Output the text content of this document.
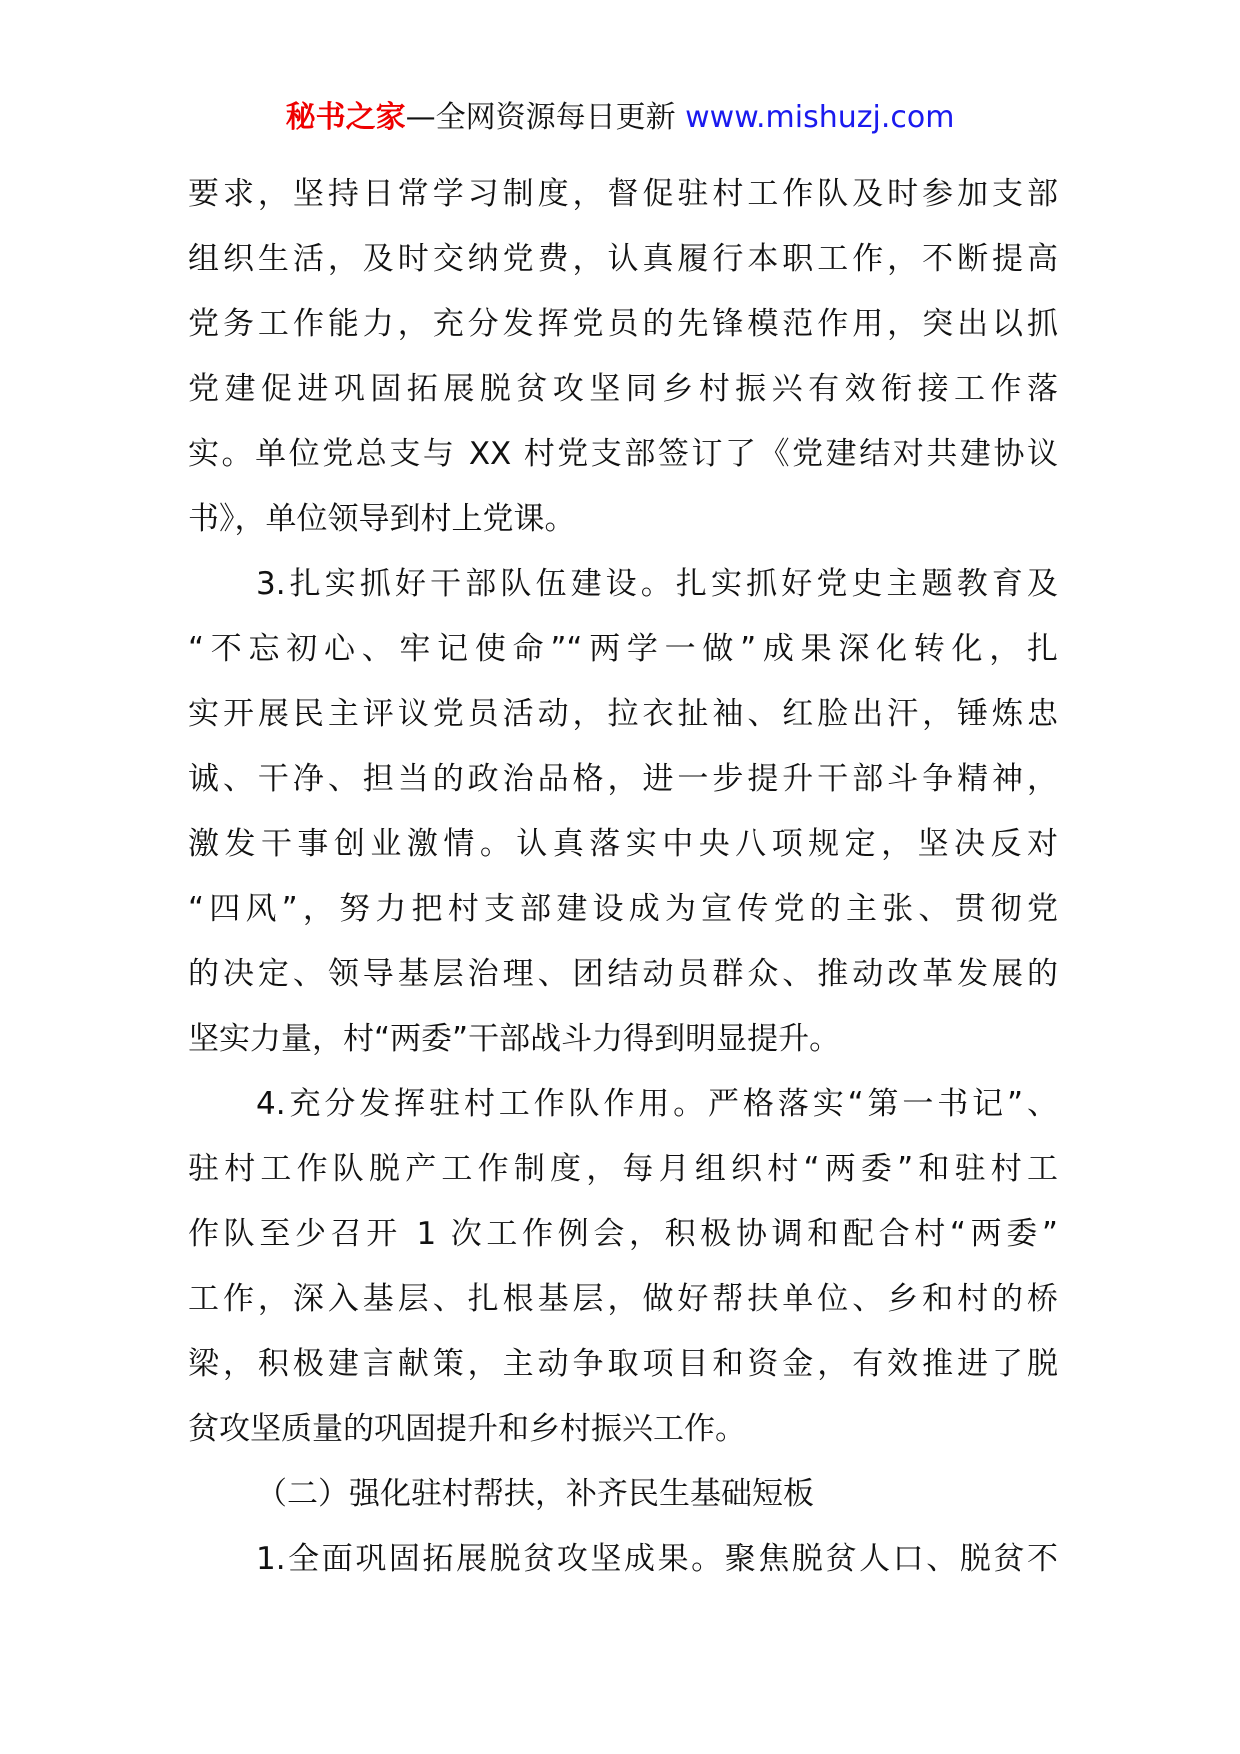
秘书之家—全网资源每日更新 www.mishuzj.com
要求，坚持日常学习制度，督促驻村工作队及时参加支部
组织生活，及时交纳党费，认真履行本职工作，不断提高
党务工作能力，充分发挥党员的先锋模范作用，突出以抓
党建促进巩固拓展脱贫攻坚同乡村振兴有效衔接工作落
实。单位党总支与 XX 村党支部签订了《党建结对共建协议
书》，单位领导到村上党课。
3.扎实抓好干部队伍建设。扎实抓好党史主题教育及
“不忘初心、牢记使命”“两学一做”成果深化转化，扎
实开展民主评议党员活动，拉衣扯袖、红脸出汗，锤炼忠
诚、干净、担当的政治品格，进一步提升干部斗争精神，
激发干事创业激情。认真落实中央八项规定，坚决反对
“四风”，努力把村支部建设成为宣传党的主张、贯彻党
的决定、领导基层治理、团结动员群众、推动改革发展的
坚实力量，村“两委”干部战斗力得到明显提升。
4.充分发挥驻村工作队作用。严格落实“第一书记”、
驻村工作队脱产工作制度，每月组织村“两委”和驻村工
作队至少召开 1 次工作例会，积极协调和配合村“两委”
工作，深入基层、扎根基层，做好帮扶单位、乡和村的桥
梁，积极建言献策，主动争取项目和资金，有效推进了脱
贫攻坚质量的巩固提升和乡村振兴工作。
（二）强化驻村帮扶，补齐民生基础短板
1.全面巩固拓展脱贫攻坚成果。聚焦脱贫人口、脱贫不
